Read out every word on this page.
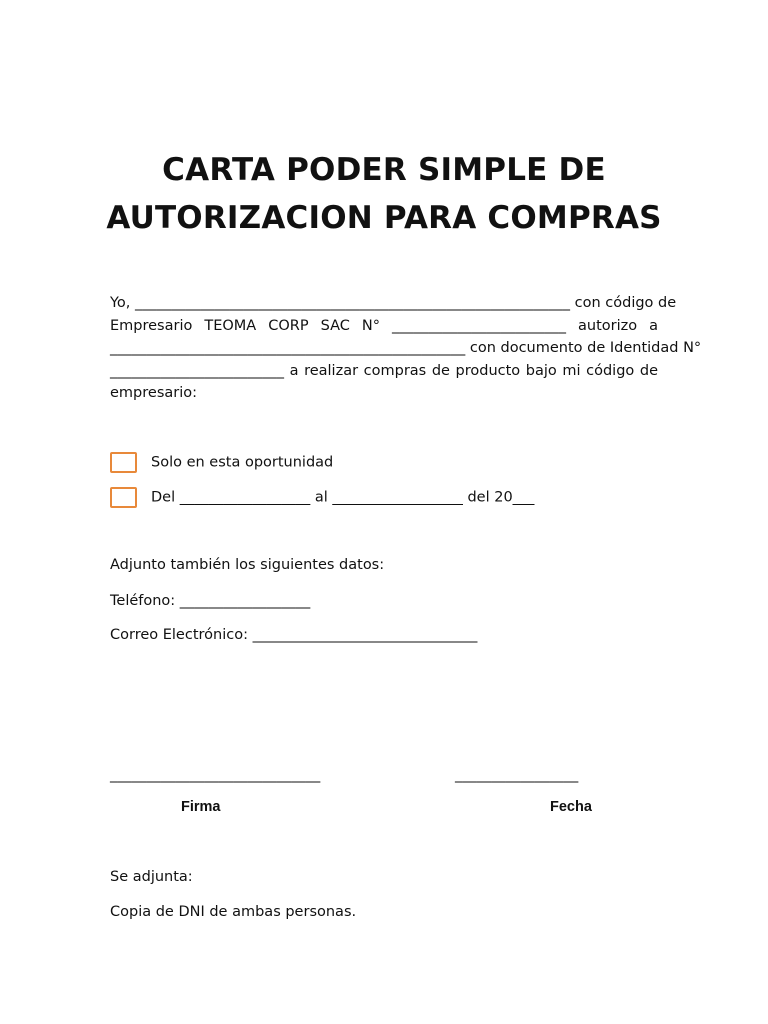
CARTA PODER SIMPLE DE
AUTORIZACION PARA COMPRAS
Yo, ____________________________________________________________ con código de
Empresario TEOMA CORP SAC N° ________________________ autorizo a
_________________________________________________ con documento de Identidad N°
________________________ a realizar compras de producto bajo mi código de
empresario:
Solo en esta oportunidad
Del __________________ al __________________ del 20___
Adjunto también los siguientes datos:
Teléfono: __________________
Correo Electrónico: _______________________________
_____________________________	_________________
Firma	Fecha
Se adjunta:
Copia de DNI de ambas personas.
